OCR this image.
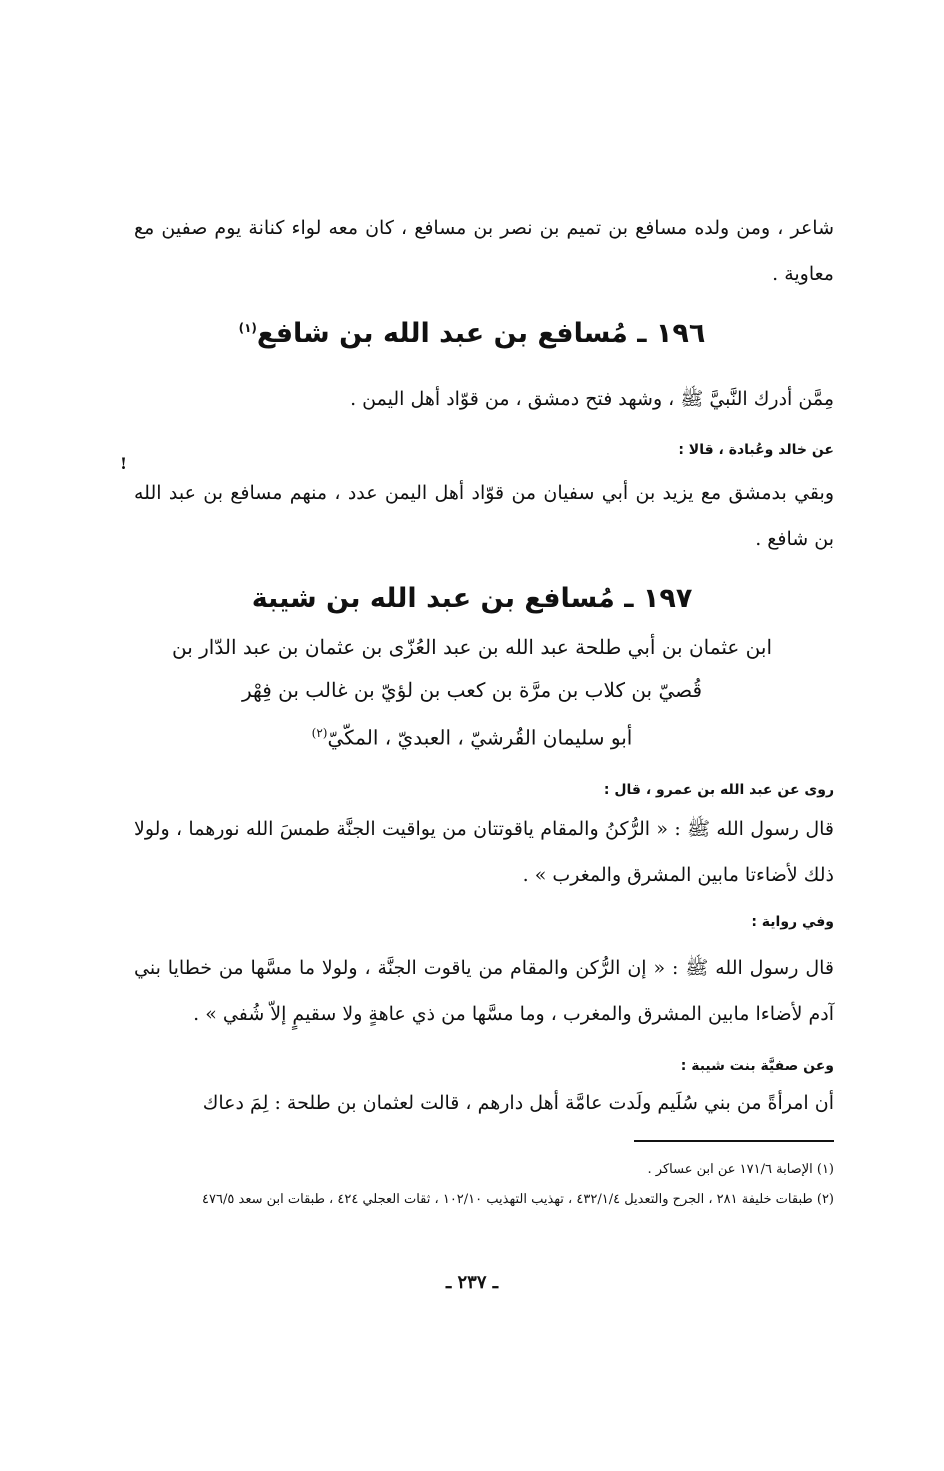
شاعر ، ومن ولده مسافع بن تميم بن نصر بن مسافع ، كان معه لواء كنانة يوم صفين مع معاوية .
١٩٦ ـ مُسافع بن عبد الله بن شافع$^{(١)}$
مِمَّن أدرك النَّبيَّ ﷺ ، وشهد فتح دمشق ، من قوّاد أهل اليمن .
عن خالد وعُبادة ، قالا :
!
وبقي بدمشق مع يزيد بن أبي سفيان من قوّاد أهل اليمن عدد ، منهم مسافع بن عبد الله بن شافع .
١٩٧ ـ مُسافع بن عبد الله بن شيبة
ابن عثمان بن أبي طلحة عبد الله بن عبد العُزّى بن عثمان بن عبد الدّار بن
قُصيّ بن كلاب بن مرَّة بن كعب بن لؤيّ بن غالب بن فِهْر
أبو سليمان القُرشيّ ، العبديّ ، المكّيّ$^{(٢)}$
روى عن عبد الله بن عمرو ، قال :
قال رسول الله ﷺ : « الرُّكنُ والمقام ياقوتتان من يواقيت الجنَّة طمسَ الله نورهما ، ولولا ذلك لأضاءتا مابين المشرق والمغرب » .
وفي رواية :
قال رسول الله ﷺ : « إن الرُّكن والمقام من ياقوت الجنَّة ، ولولا ما مسَّها من خطايا بني آدم لأضاءا مابين المشرق والمغرب ، وما مسَّها من ذي عاهةٍ ولا سقيمٍ إلاّ شُفي » .
وعن صفيَّة بنت شيبة :
أن امرأةً من بني سُلَيم ولَدت عامَّة أهل دارهم ، قالت لعثمان بن طلحة : لِمَ دعاك
(١) الإصابة ١٧١/٦ عن ابن عساكر .
(٢) طبقات خليفة ٢٨١ ، الجرح والتعديل ٤٣٢/١/٤ ، تهذيب التهذيب ١٠٢/١٠ ، ثقات العجلي ٤٢٤ ، طبقات ابن سعد ٤٧٦/٥
ـ ٢٣٧ ـ
